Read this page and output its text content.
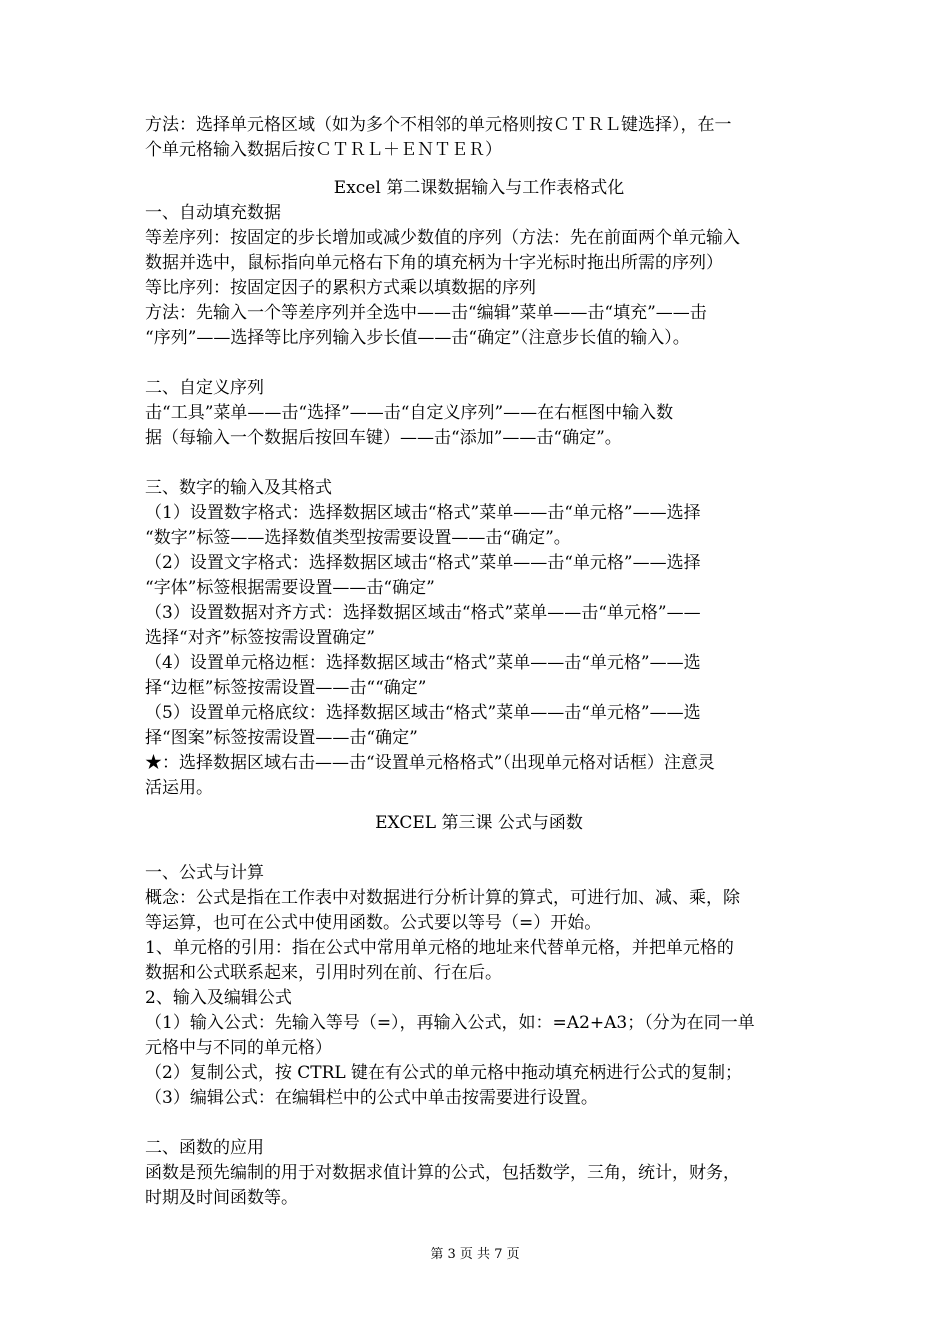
方法：选择单元格区域（如为多个不相邻的单元格则按ＣＴＲＬ键选择），在一
个单元格输入数据后按ＣＴＲＬ＋ＥＮＴＥＲ）
Excel 第二课数据输入与工作表格式化
一、自动填充数据
等差序列：按固定的步长增加或减少数值的序列（方法：先在前面两个单元输入
数据并选中，鼠标指向单元格右下角的填充柄为十字光标时拖出所需的序列）
等比序列：按固定因子的累积方式乘以填数据的序列
方法：先输入一个等差序列并全选中——击“编辑”菜单——击“填充”——击
“序列”——选择等比序列输入步长值——击“确定”（注意步长值的输入）。
二、自定义序列
击“工具”菜单——击“选择”——击“自定义序列”——在右框图中输入数
据（每输入一个数据后按回车键）——击“添加”——击“确定”。
三、数字的输入及其格式
（1）设置数字格式：选择数据区域击“格式”菜单——击“单元格”——选择
“数字”标签——选择数值类型按需要设置——击“确定”。
（2）设置文字格式：选择数据区域击“格式”菜单——击“单元格”——选择
“字体”标签根据需要设置——击“确定”
（3）设置数据对齐方式：选择数据区域击“格式”菜单——击“单元格”——
选择“对齐”标签按需设置确定”
（4）设置单元格边框：选择数据区域击“格式”菜单——击“单元格”——选
择“边框”标签按需设置——击““确定”
（5）设置单元格底纹：选择数据区域击“格式”菜单——击“单元格”——选
择“图案”标签按需设置——击“确定”
★：选择数据区域右击——击“设置单元格格式”（出现单元格对话框）注意灵
活运用。
EXCEL 第三课 公式与函数
一、公式与计算
概念：公式是指在工作表中对数据进行分析计算的算式，可进行加、减、乘，除
等运算，也可在公式中使用函数。公式要以等号（=）开始。
1、单元格的引用：指在公式中常用单元格的地址来代替单元格，并把单元格的
数据和公式联系起来，引用时列在前、行在后。
2、输入及编辑公式
（1）输入公式：先输入等号（=），再输入公式，如：=A2+A3；（分为在同一单
元格中与不同的单元格）
（2）复制公式，按 CTRL 键在有公式的单元格中拖动填充柄进行公式的复制；
（3）编辑公式：在编辑栏中的公式中单击按需要进行设置。
二、函数的应用
函数是预先编制的用于对数据求值计算的公式，包括数学，三角，统计，财务，
时期及时间函数等。
第 3 页 共 7 页
